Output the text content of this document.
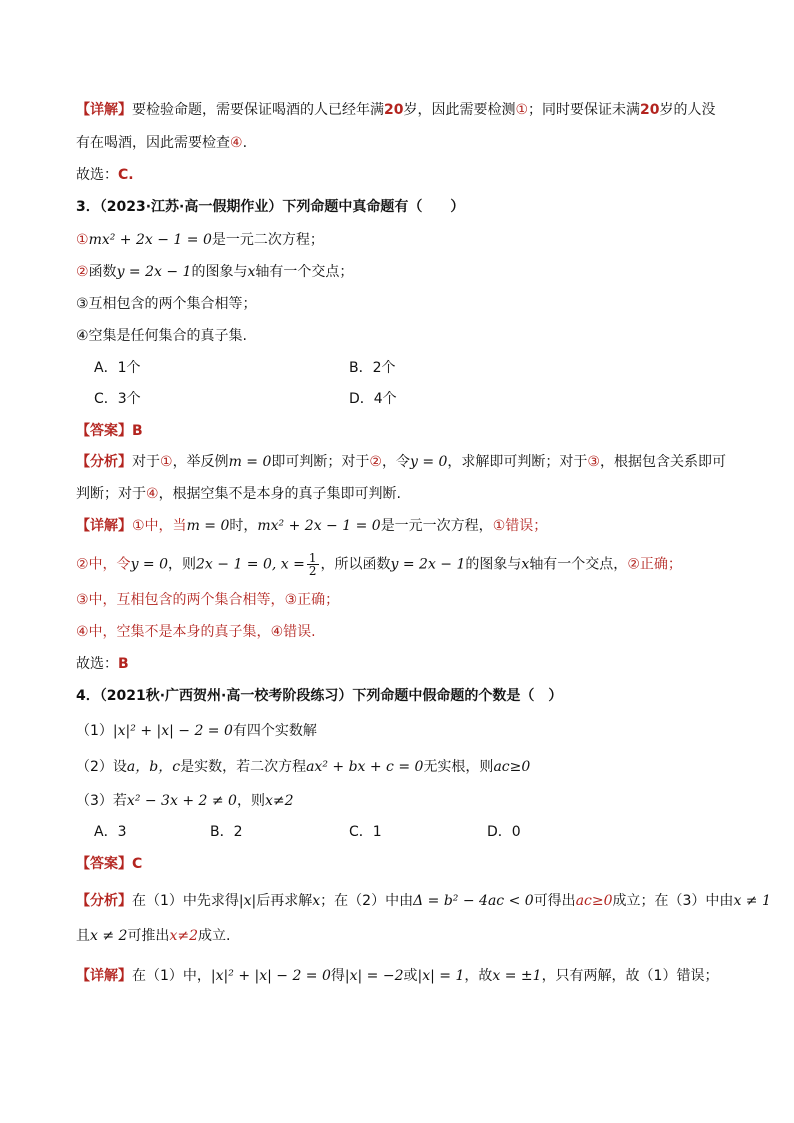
【详解】要检验命题，需要保证喝酒的人已经年满20岁，因此需要检测①；同时要保证未满20岁的人没
有在喝酒，因此需要检查④.
故选：C.
3．（2023·江苏·高一假期作业）下列命题中真命题有（　　）
①mx² + 2x − 1 = 0是一元二次方程；
②函数y = 2x − 1的图象与x轴有一个交点；
③互相包含的两个集合相等；
④空集是任何集合的真子集.
A．1个	B．2个
C．3个	D．4个
【答案】B
【分析】对于①，举反例m = 0即可判断；对于②，令y = 0，求解即可判断；对于③，根据包含关系即可
判断；对于④，根据空集不是本身的真子集即可判断.
【详解】①中，当m = 0时，mx² + 2x − 1 = 0是一元一次方程，①错误；
②中，令y = 0，则2x − 1 = 0, $x = \frac{1}{2}$ ，所以函数y = 2x − 1的图象与x轴有一个交点，②正确；
③中，互相包含的两个集合相等，③正确；
④中，空集不是本身的真子集，④错误.
故选：B
4．（2021秋·广西贺州·高一校考阶段练习）下列命题中假命题的个数是（　）
（1）|x|² + |x| − 2 = 0有四个实数解
（2）设a，b，c是实数，若二次方程ax² + bx + c = 0无实根，则ac≥0
（3）若x² − 3x + 2 ≠ 0，则x≠2
A．3	B．2	C．1	D．0
【答案】C
【分析】在（1）中先求得|x|后再求解x；在（2）中由Δ = b² − 4ac < 0可得出ac≥0成立；在（3）中由x ≠ 1
且x ≠ 2可推出x≠2成立.
【详解】在（1）中，|x|² + |x| − 2 = 0得|x| = −2或|x| = 1，故x = ±1，只有两解，故（1）错误；
